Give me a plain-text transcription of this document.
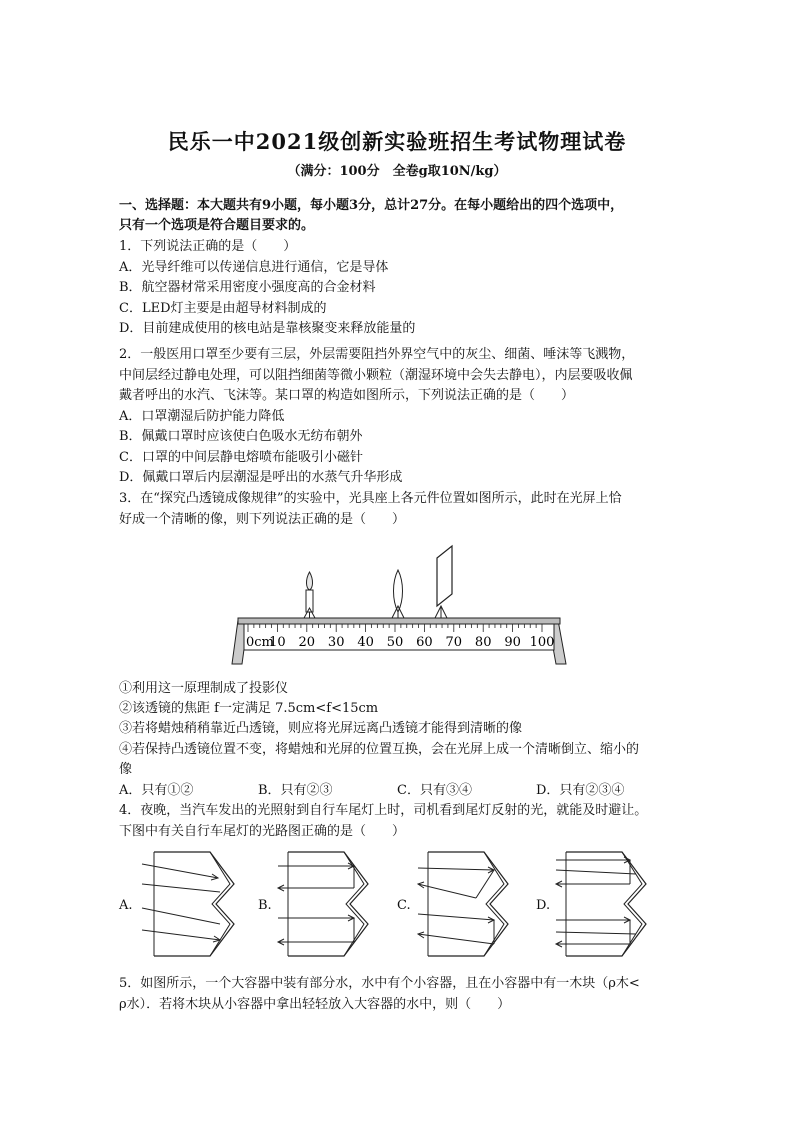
民乐一中2021级创新实验班招生考试物理试卷
（满分：100分　全卷g取10N/kg）
一、选择题：本大题共有9小题，每小题3分，总计27分。在每小题给出的四个选项中，
只有一个选项是符合题目要求的。
1．下列说法正确的是（　　）
A．光导纤维可以传递信息进行通信，它是导体
B．航空器材常采用密度小强度高的合金材料
C．LED灯主要是由超导材料制成的
D．目前建成使用的核电站是靠核聚变来释放能量的
2．一般医用口罩至少要有三层，外层需要阻挡外界空气中的灰尘、细菌、唾沫等飞溅物，
中间层经过静电处理，可以阻挡细菌等微小颗粒（潮湿环境中会失去静电），内层要吸收佩
戴者呼出的水汽、飞沫等。某口罩的构造如图所示，下列说法正确的是（　　）
A．口罩潮湿后防护能力降低
B．佩戴口罩时应该使白色吸水无纺布朝外
C．口罩的中间层静电熔喷布能吸引小磁针
D．佩戴口罩后内层潮湿是呼出的水蒸气升华形成
3．在“探究凸透镜成像规律”的实验中，光具座上各元件位置如图所示，此时在光屏上恰
好成一个清晰的像，则下列说法正确的是（　　）
0cm
10 20 30 40 50 60 70 80 90 100
①利用这一原理制成了投影仪
②该透镜的焦距 f一定满足 7.5cm<f<15cm
③若将蜡烛稍稍靠近凸透镜，则应将光屏远离凸透镜才能得到清晰的像
④若保持凸透镜位置不变，将蜡烛和光屏的位置互换，会在光屏上成一个清晰倒立、缩小的
像
A．只有①②	B．只有②③	C．只有③④	D．只有②③④
4．夜晚，当汽车发出的光照射到自行车尾灯上时，司机看到尾灯反射的光，就能及时避让。
下图中有关自行车尾灯的光路图正确的是（　　）
A.	B.	C.	D.
5．如图所示，一个大容器中装有部分水，水中有个小容器，且在小容器中有一木块（ρ木<
ρ水）．若将木块从小容器中拿出轻轻放入大容器的水中，则（　　）
